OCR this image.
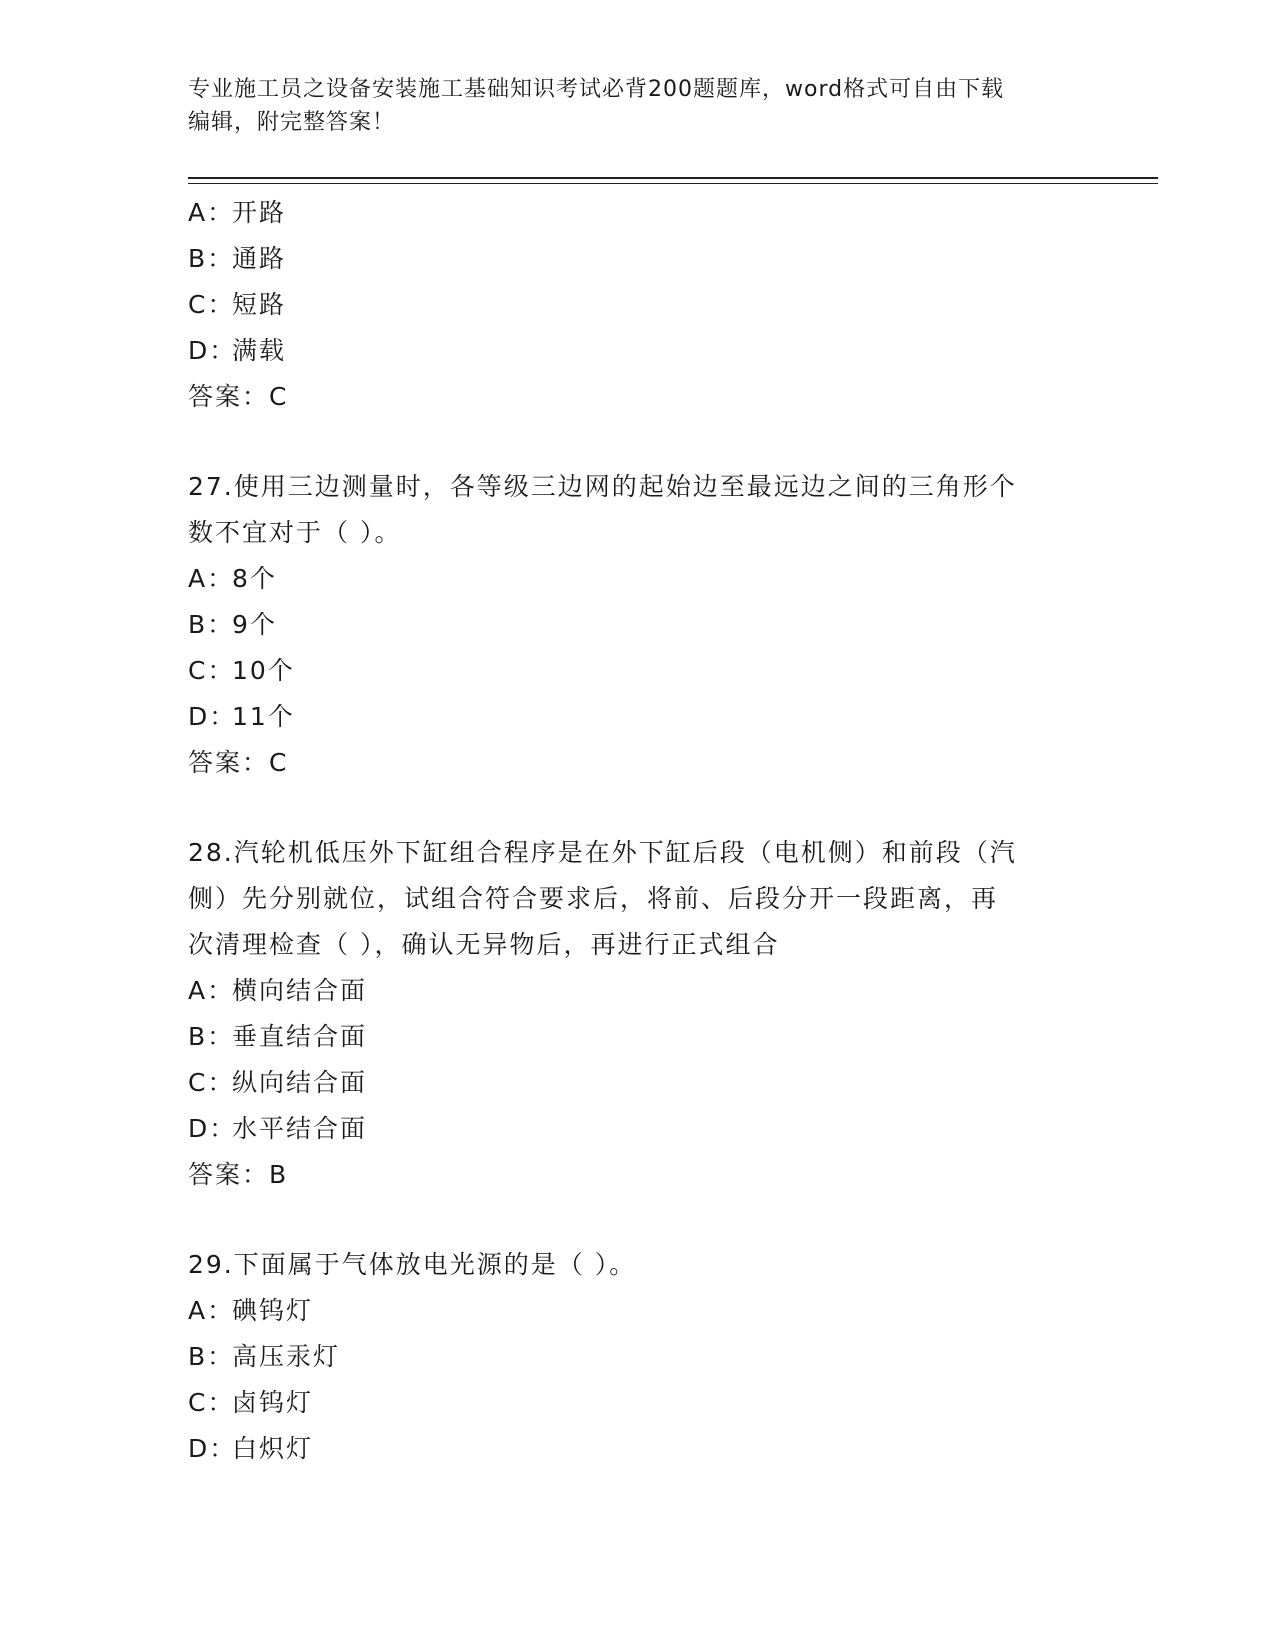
专业施工员之设备安装施工基础知识考试必背200题题库，word格式可自由下载
编辑，附完整答案！
A：开路
B：通路
C：短路
D：满载
答案：C
27.使用三边测量时，各等级三边网的起始边至最远边之间的三角形个
数不宜对于（ ）。
A：8个
B：9个
C：10个
D：11个
答案：C
28.汽轮机低压外下缸组合程序是在外下缸后段（电机侧）和前段（汽
侧）先分别就位，试组合符合要求后，将前、后段分开一段距离，再
次清理检查（ ），确认无异物后，再进行正式组合
A：横向结合面
B：垂直结合面
C：纵向结合面
D：水平结合面
答案：B
29.下面属于气体放电光源的是（ ）。
A：碘钨灯
B：高压汞灯
C：卤钨灯
D：白炽灯
